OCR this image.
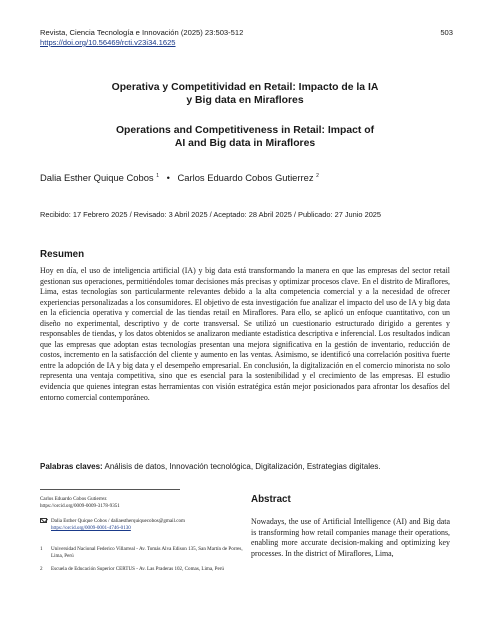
Revista, Ciencia Tecnología e Innovación (2025) 23:503-512	503
https://doi.org/10.56469/rcti.v23i34.1625
Operativa y Competitividad en Retail: Impacto de la IA
y Big data en Miraflores
Operations and Competitiveness in Retail: Impact of
AI and Big data in Miraflores
Dalia Esther Quique Cobos $^1$ • Carlos Eduardo Cobos Gutierrez $^2$
Recibido: 17 Febrero 2025 / Revisado: 3 Abril 2025 / Aceptado: 28 Abril 2025 / Publicado: 27 Junio 2025
Resumen
Hoy en día, el uso de inteligencia artificial (IA) y big data está transformando la manera en que las empresas del sector retail gestionan sus operaciones, permitiéndoles tomar decisiones más precisas y optimizar procesos clave. En el distrito de Miraflores, Lima, estas tecnologías son particularmente relevantes debido a la alta competencia comercial y a la necesidad de ofrecer experiencias personalizadas a los consumidores. El objetivo de esta investigación fue analizar el impacto del uso de IA y big data en la eficiencia operativa y comercial de las tiendas retail en Miraflores. Para ello, se aplicó un enfoque cuantitativo, con un diseño no experimental, descriptivo y de corte transversal. Se utilizó un cuestionario estructurado dirigido a gerentes y responsables de tiendas, y los datos obtenidos se analizaron mediante estadística descriptiva e inferencial. Los resultados indican que las empresas que adoptan estas tecnologías presentan una mejora significativa en la gestión de inventario, reducción de costos, incremento en la satisfacción del cliente y aumento en las ventas. Asimismo, se identificó una correlación positiva fuerte entre la adopción de IA y big data y el desempeño empresarial. En conclusión, la digitalización en el comercio minorista no solo representa una ventaja competitiva, sino que es esencial para la sostenibilidad y el crecimiento de las empresas. El estudio evidencia que quienes integran estas herramientas con visión estratégica están mejor posicionados para afrontar los desafíos del entorno comercial contemporáneo.
Palabras claves: Análisis de datos, Innovación tecnológica, Digitalización, Estrategias digitales.
Carlos Eduardo Cobos Gutierrez
https://orcid.org/0009-0009-3178-9351
Dalia Esther Quique Cobos / daliaestherquiquecobos@gmail.com
https://orcid.org/0009-0001-4746-0130
1 Universidad Nacional Federico Villarreal - Av. Tomás Alva Edison 135, San Martín de Porres, Lima, Perú
2 Escuela de Educación Superior CERTUS - Av. Las Praderas 102, Comas, Lima, Perú
Abstract
Nowadays, the use of Artificial Intelligence (AI) and Big data is transforming how retail companies manage their operations, enabling more accurate decision-making and optimizing key processes. In the district of Miraflores, Lima,
